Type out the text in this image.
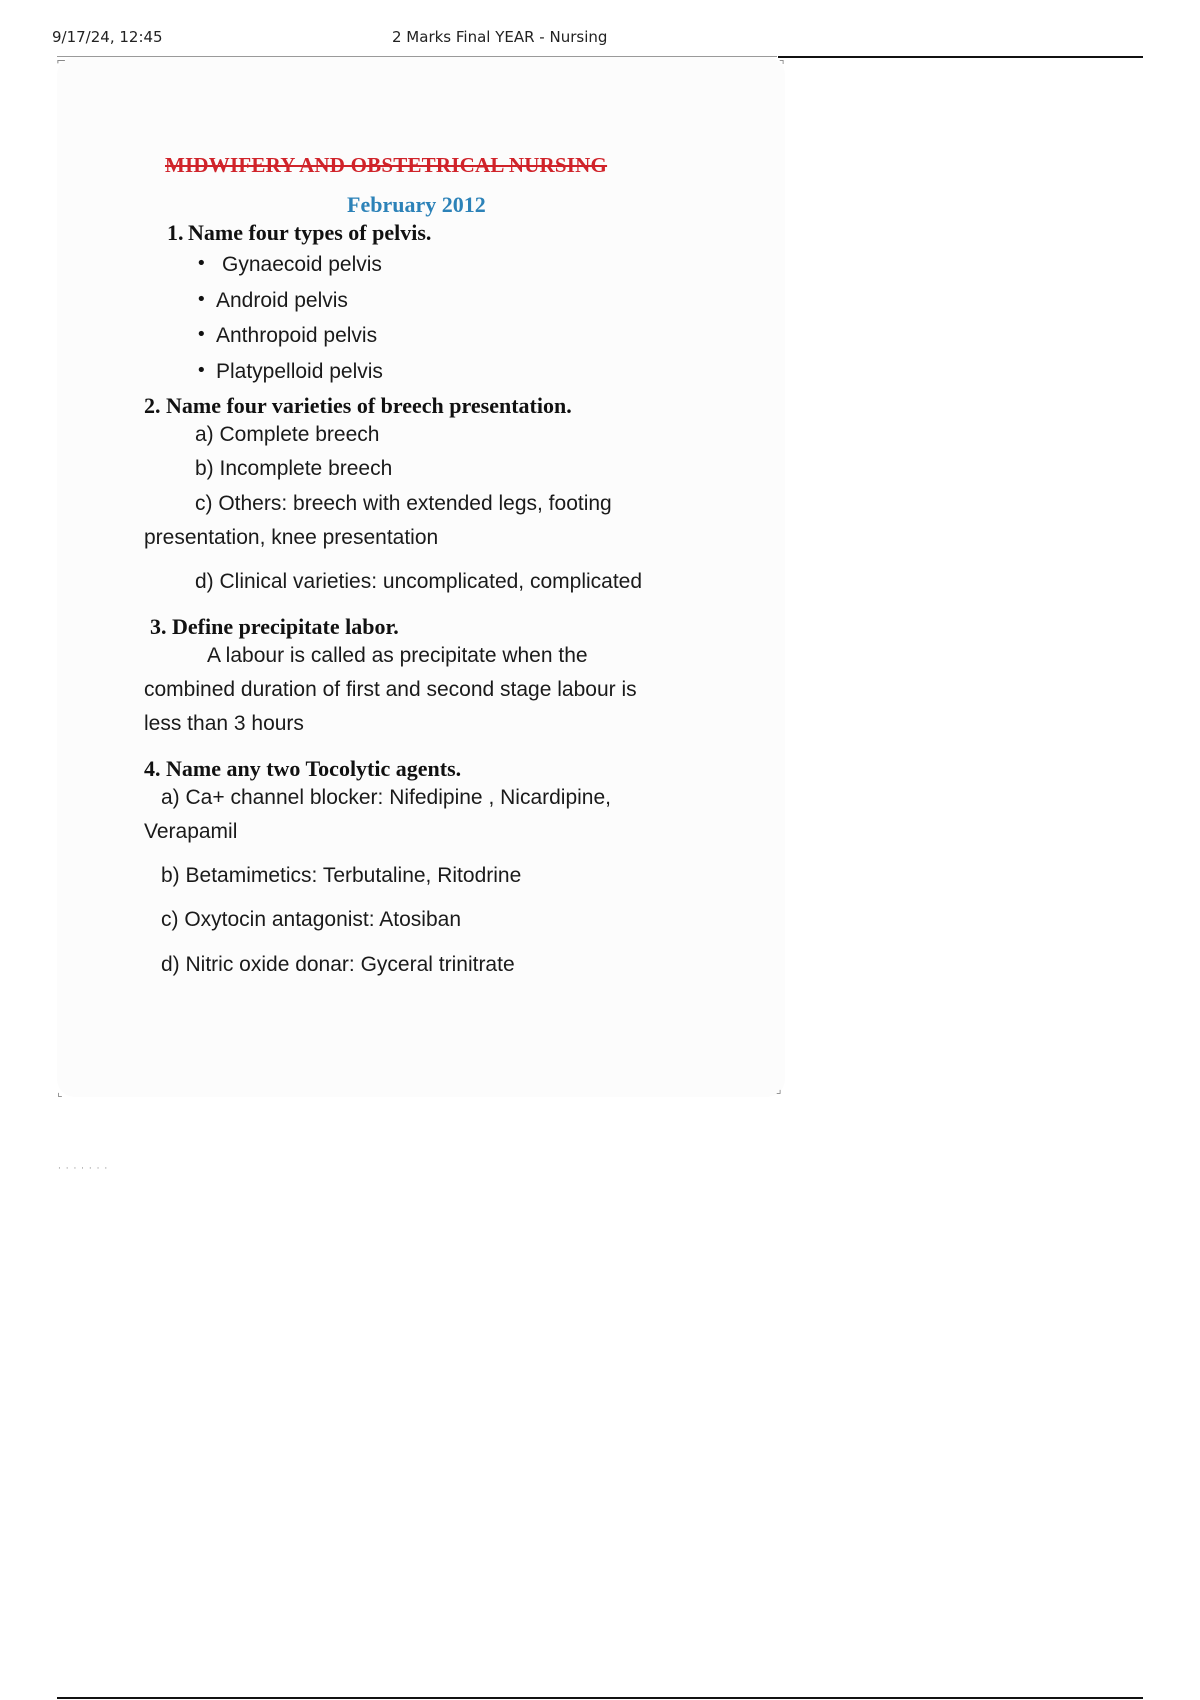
9/17/24, 12:45	2 Marks Final YEAR - Nursing
⌐	⌝
⌞	⌟
MIDWIFERY AND OBSTETRICAL NURSING
February 2012
1. Name four types of pelvis.
• Gynaecoid pelvis
• Android pelvis
• Anthropoid pelvis
• Platypelloid pelvis
2. Name four varieties of breech presentation.
a) Complete breech
b) Incomplete breech
c) Others: breech with extended legs, footing
presentation, knee presentation
d) Clinical varieties: uncomplicated, complicated
3. Define precipitate labor.
A labour is called as precipitate when the
combined duration of first and second stage labour is
less than 3 hours
4. Name any two Tocolytic agents.
a) Ca+ channel blocker: Nifedipine , Nicardipine,
Verapamil
b) Betamimetics: Terbutaline, Ritodrine
c) Oxytocin antagonist: Atosiban
d) Nitric oxide donar: Gyceral trinitrate
· · · · · · ·
